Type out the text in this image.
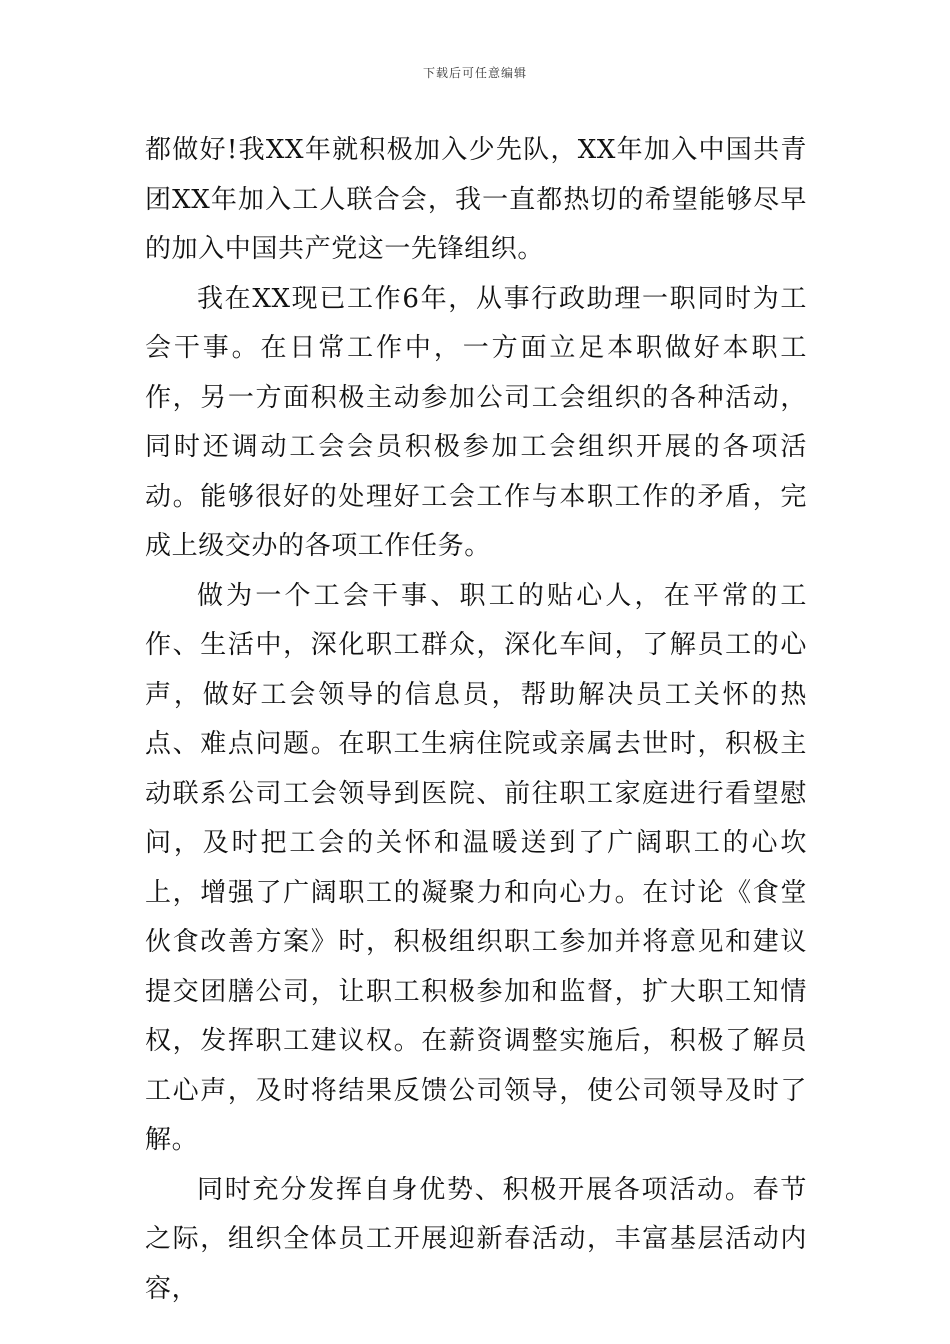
下载后可任意编辑

都做好!我XX年就积极加入少先队，XX年加入中国共青团XX年加入工人联合会，我一直都热切的希望能够尽早的加入中国共产党这一先锋组织。

我在XX现已工作6年，从事行政助理一职同时为工会干事。在日常工作中，一方面立足本职做好本职工作，另一方面积极主动参加公司工会组织的各种活动，同时还调动工会会员积极参加工会组织开展的各项活动。能够很好的处理好工会工作与本职工作的矛盾，完成上级交办的各项工作任务。

做为一个工会干事、职工的贴心人，在平常的工作、生活中，深化职工群众，深化车间，了解员工的心声，做好工会领导的信息员，帮助解决员工关怀的热点、难点问题。在职工生病住院或亲属去世时，积极主动联系公司工会领导到医院、前往职工家庭进行看望慰问，及时把工会的关怀和温暖送到了广阔职工的心坎上，增强了广阔职工的凝聚力和向心力。在讨论《食堂伙食改善方案》时，积极组织职工参加并将意见和建议提交团膳公司，让职工积极参加和监督，扩大职工知情权，发挥职工建议权。在薪资调整实施后，积极了解员工心声，及时将结果反馈公司领导，使公司领导及时了解。

同时充分发挥自身优势、积极开展各项活动。春节之际，组织全体员工开展迎新春活动，丰富基层活动内容，
